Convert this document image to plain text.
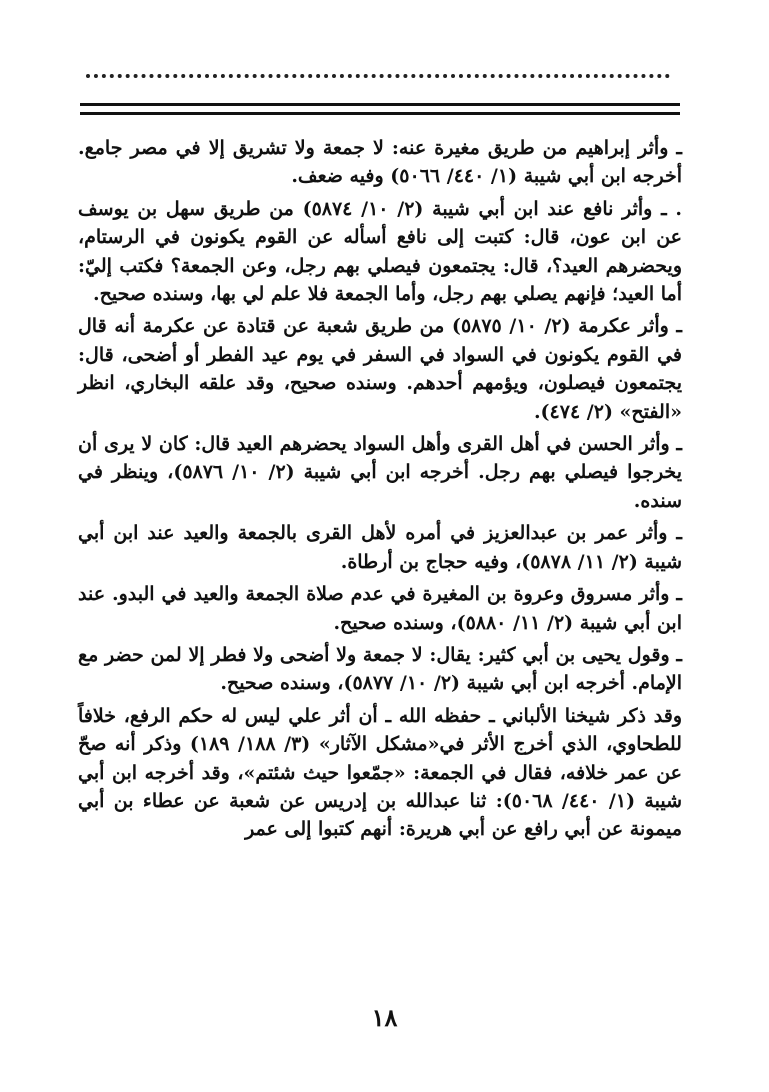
ـ وأثر إبراهيم من طريق مغيرة عنه: لا جمعة ولا تشريق إلا في مصر جامع. أخرجه ابن أبي شيبة (١/ ٤٤٠/ ٥٠٦٦) وفيه ضعف.

. ـ وأثر نافع عند ابن أبي شيبة (٢/ ١٠/ ٥٨٧٤) من طريق سهل بن يوسف عن ابن عون، قال: كتبت إلى نافع أسأله عن القوم يكونون في الرستام، ويحضرهم العيد؟، قال: يجتمعون فيصلي بهم رجل، وعن الجمعة؟ فكتب إليّ: أما العيد؛ فإنهم يصلي بهم رجل، وأما الجمعة فلا علم لي بها، وسنده صحيح.

ـ وأثر عكرمة (٢/ ١٠/ ٥٨٧٥) من طريق شعبة عن قتادة عن عكرمة أنه قال في القوم يكونون في السواد في السفر في يوم عيد الفطر أو أضحى، قال: يجتمعون فيصلون، ويؤمهم أحدهم. وسنده صحيح، وقد علقه البخاري، انظر «الفتح» (٢/ ٤٧٤).

ـ وأثر الحسن في أهل القرى وأهل السواد يحضرهم العيد قال: كان لا يرى أن يخرجوا فيصلي بهم رجل. أخرجه ابن أبي شيبة (٢/ ١٠/ ٥٨٧٦)، وينظر في سنده.

ـ وأثر عمر بن عبدالعزيز في أمره لأهل القرى بالجمعة والعيد عند ابن أبي شيبة (٢/ ١١/ ٥٨٧٨)، وفيه حجاج بن أرطاة.

ـ وأثر مسروق وعروة بن المغيرة في عدم صلاة الجمعة والعيد في البدو. عند ابن أبي شيبة (٢/ ١١/ ٥٨٨٠)، وسنده صحيح.

ـ وقول يحيى بن أبي كثير: يقال: لا جمعة ولا أضحى ولا فطر إلا لمن حضر مع الإمام. أخرجه ابن أبي شيبة (٢/ ١٠/ ٥٨٧٧)، وسنده صحيح.

وقد ذكر شيخنا الألباني ـ حفظه الله ـ أن أثر علي ليس له حكم الرفع، خلافاً للطحاوي، الذي أخرج الأثر في«مشكل الآثار» (٣/ ١٨٨/ ١٨٩) وذكر أنه صحّ عن عمر خلافه، فقال في الجمعة: «جمّعوا حيث شئتم»، وقد أخرجه ابن أبي شيبة (١/ ٤٤٠/ ٥٠٦٨): ثنا عبدالله بن إدريس عن شعبة عن عطاء بن أبي ميمونة عن أبي رافع عن أبي هريرة: أنهم كتبوا إلى عمر

١٨
